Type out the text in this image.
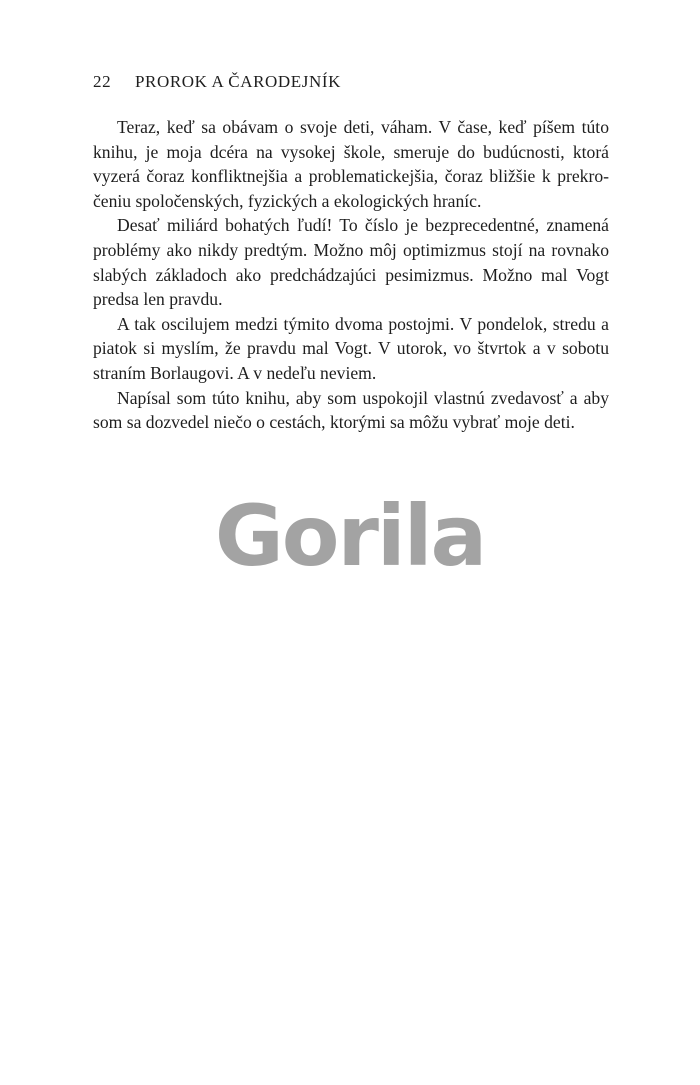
22 PROROK A ČARODEJNÍK

Teraz, keď sa obávam o svoje deti, váham. V čase, keď píšem túto knihu, je moja dcéra na vysokej škole, smeruje do budúcnosti, ktorá vyzerá čoraz konfliktnejšia a problematickejšia, čoraz bližšie k prekročeniu spoločenských, fyzických a ekologických hraníc.

Desať miliárd bohatých ľudí! To číslo je bezprecedentné, znamená problémy ako nikdy predtým. Možno môj optimizmus stojí na rovnako slabých základoch ako predchádzajúci pesimizmus. Možno mal Vogt predsa len pravdu.

A tak oscilujem medzi týmito dvoma postojmi. V pondelok, stredu a piatok si myslím, že pravdu mal Vogt. V utorok, vo štvrtok a v sobotu straním Borlaugovi. A v nedeľu neviem.

Napísal som túto knihu, aby som uspokojil vlastnú zvedavosť a aby som sa dozvedel niečo o cestách, ktorými sa môžu vybrať moje deti.

Gorila
